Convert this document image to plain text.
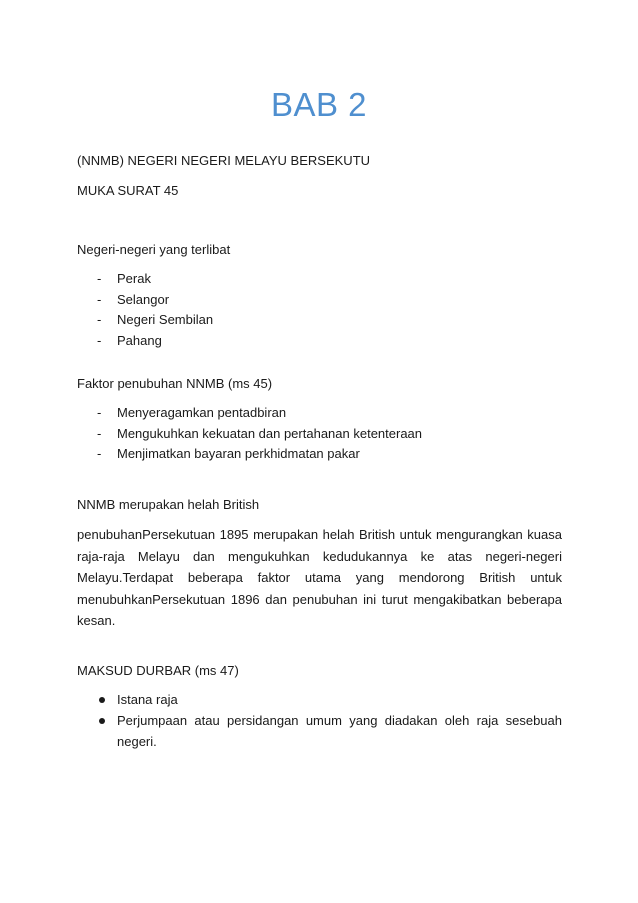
BAB 2
(NNMB) NEGERI NEGERI MELAYU BERSEKUTU
MUKA SURAT 45
Negeri-negeri yang terlibat
- Perak
- Selangor
- Negeri Sembilan
- Pahang
Faktor penubuhan NNMB (ms 45)
- Menyeragamkan pentadbiran
- Mengukuhkan kekuatan dan pertahanan ketenteraan
- Menjimatkan bayaran perkhidmatan pakar
NNMB merupakan helah British
penubuhanPersekutuan 1895 merupakan helah British untuk mengurangkan kuasa raja-raja Melayu dan mengukuhkan kedudukannya ke atas negeri-negeri Melayu.Terdapat beberapa faktor utama yang mendorong British untuk menubuhkanPersekutuan 1896 dan penubuhan ini turut mengakibatkan beberapa kesan.
MAKSUD DURBAR (ms 47)
Istana raja
Perjumpaan atau persidangan umum yang diadakan oleh raja sesebuah negeri.
